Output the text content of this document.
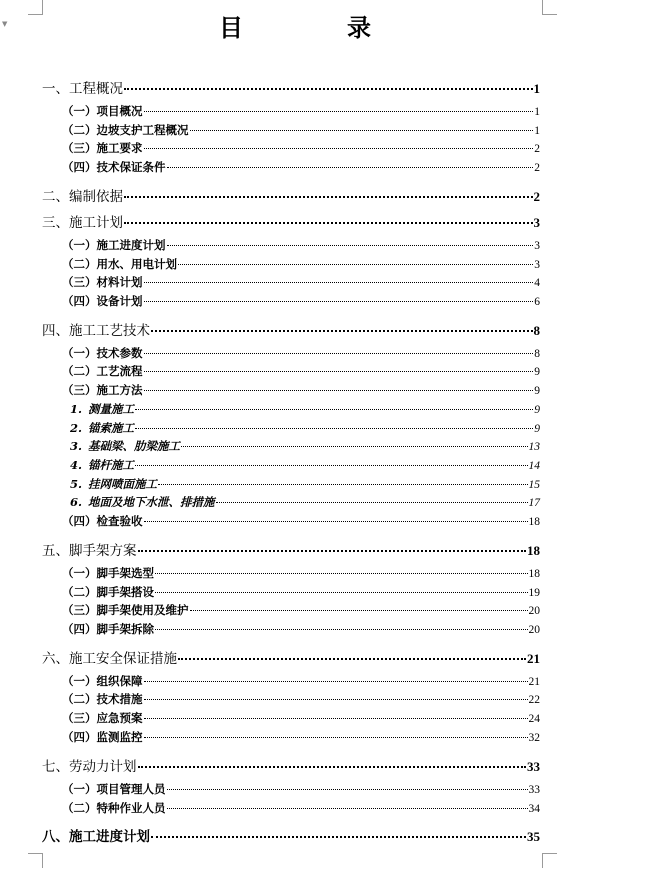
▼	目　录
一、工程概况	1
（一）项目概况	1
（二）边坡支护工程概况	1
（三）施工要求	2
（四）技术保证条件	2
二、编制依据	2
三、施工计划	3
（一）施工进度计划	3
（二）用水、用电计划	3
（三）材料计划	4
（四）设备计划	6
四、施工工艺技术	8
（一）技术参数	8
（二）工艺流程	9
（三）施工方法	9
1. 测量施工	9
2. 锚索施工	9
3. 基础梁、肋梁施工	13
4. 锚杆施工	14
5. 挂网喷面施工	15
6. 地面及地下水泄、排措施	17
（四）检查验收	18
五、脚手架方案	18
（一）脚手架选型	18
（二）脚手架搭设	19
（三）脚手架使用及维护	20
（四）脚手架拆除	20
六、施工安全保证措施	21
（一）组织保障	21
（二）技术措施	22
（三）应急预案	24
（四）监测监控	32
七、劳动力计划	33
（一）项目管理人员	33
（二）特种作业人员	34
八、施工进度计划	35
